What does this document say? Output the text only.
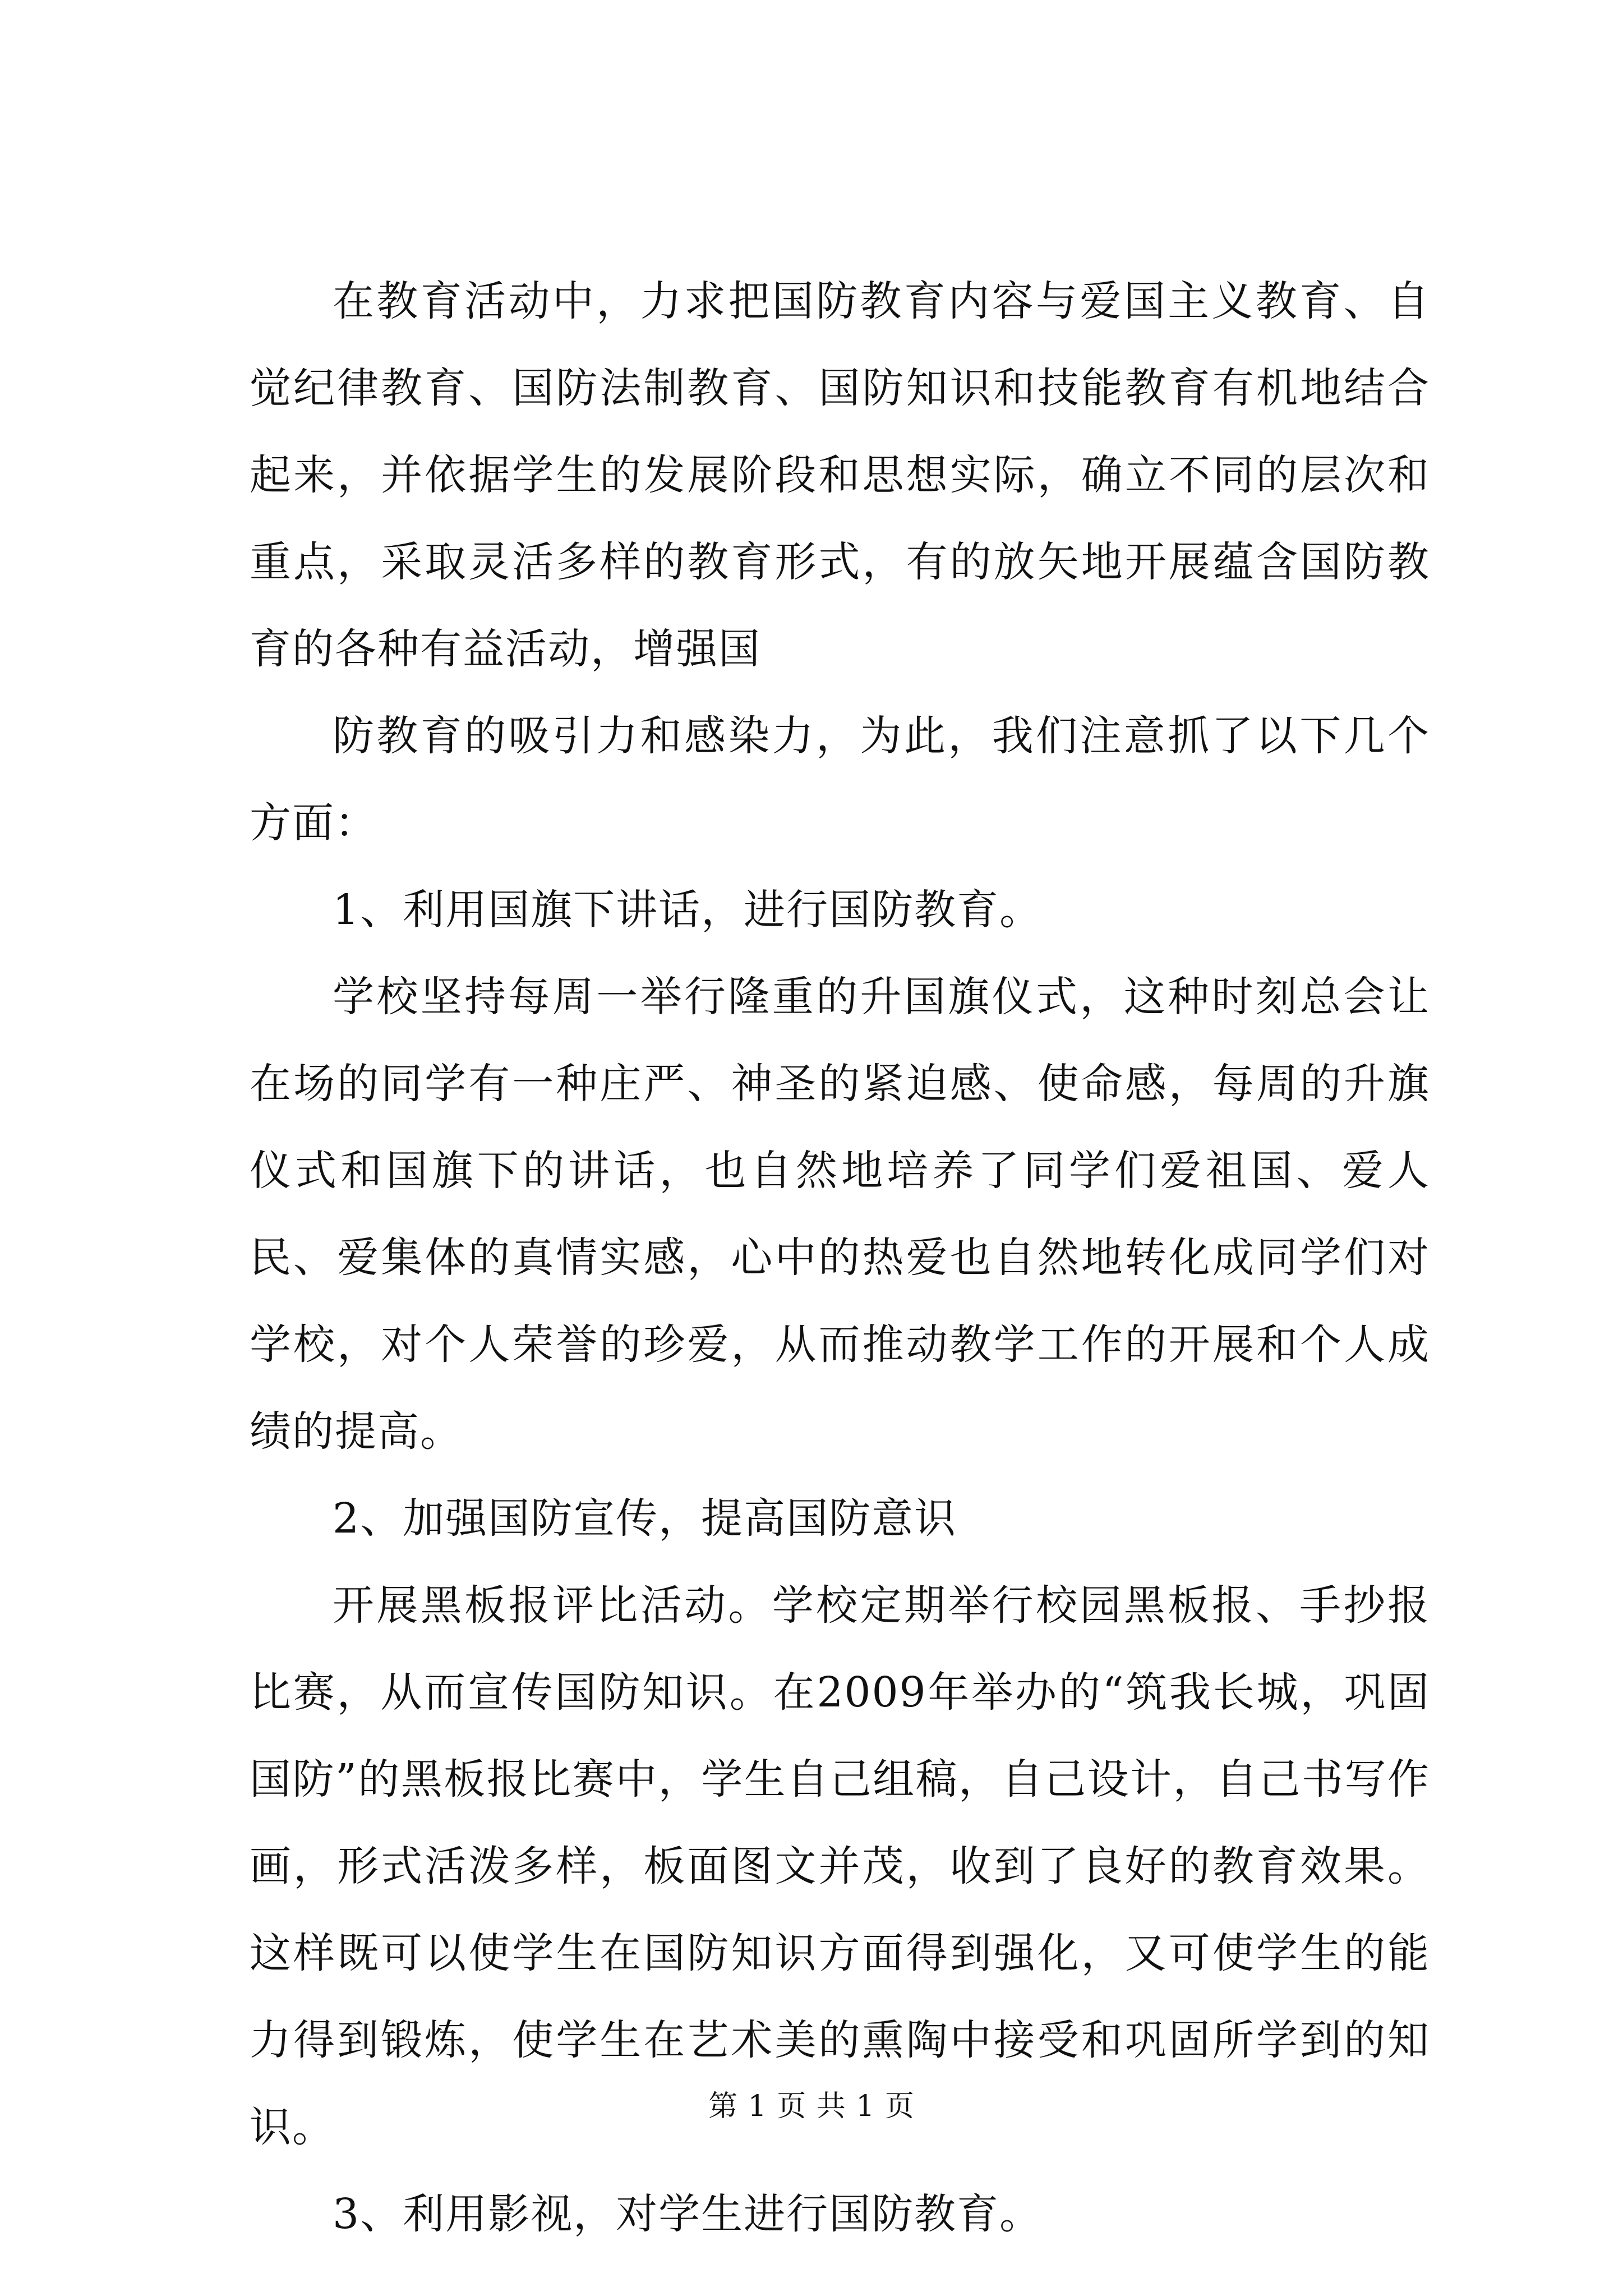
在教育活动中，力求把国防教育内容与爱国主义教育、自觉纪律教育、国防法制教育、国防知识和技能教育有机地结合起来，并依据学生的发展阶段和思想实际，确立不同的层次和重点，采取灵活多样的教育形式，有的放矢地开展蕴含国防教育的各种有益活动，增强国

防教育的吸引力和感染力，为此，我们注意抓了以下几个方面：

1、利用国旗下讲话，进行国防教育。

学校坚持每周一举行隆重的升国旗仪式，这种时刻总会让在场的同学有一种庄严、神圣的紧迫感、使命感，每周的升旗仪式和国旗下的讲话，也自然地培养了同学们爱祖国、爱人民、爱集体的真情实感，心中的热爱也自然地转化成同学们对学校，对个人荣誉的珍爱，从而推动教学工作的开展和个人成绩的提高。

2、加强国防宣传，提高国防意识

开展黑板报评比活动。学校定期举行校园黑板报、手抄报比赛，从而宣传国防知识。在2009年举办的“筑我长城，巩固国防”的黑板报比赛中，学生自己组稿，自己设计，自己书写作画，形式活泼多样，板面图文并茂，收到了良好的教育效果。这样既可以使学生在国防知识方面得到强化，又可使学生的能力得到锻炼，使学生在艺术美的熏陶中接受和巩固所学到的知识。

3、利用影视，对学生进行国防教育。

第 1 页 共 1 页
